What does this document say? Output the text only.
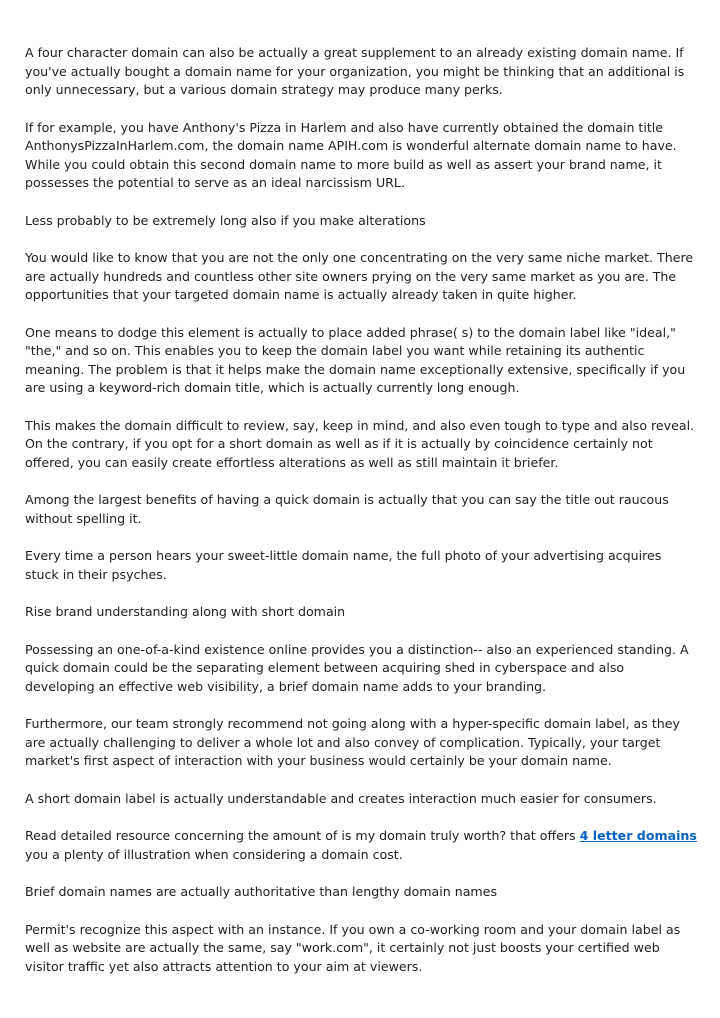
A four character domain can also be actually a great supplement to an already existing domain name. If you've actually bought a domain name for your organization, you might be thinking that an additional is only unnecessary, but a various domain strategy may produce many perks.

If for example, you have Anthony's Pizza in Harlem and also have currently obtained the domain title AnthonysPizzaInHarlem.com, the domain name APIH.com is wonderful alternate domain name to have. While you could obtain this second domain name to more build as well as assert your brand name, it possesses the potential to serve as an ideal narcissism URL.

Less probably to be extremely long also if you make alterations

You would like to know that you are not the only one concentrating on the very same niche market. There are actually hundreds and countless other site owners prying on the very same market as you are. The opportunities that your targeted domain name is actually already taken in quite higher.

One means to dodge this element is actually to place added phrase( s) to the domain label like "ideal," "the," and so on. This enables you to keep the domain label you want while retaining its authentic meaning. The problem is that it helps make the domain name exceptionally extensive, specifically if you are using a keyword-rich domain title, which is actually currently long enough.

This makes the domain difficult to review, say, keep in mind, and also even tough to type and also reveal. On the contrary, if you opt for a short domain as well as if it is actually by coincidence certainly not offered, you can easily create effortless alterations as well as still maintain it briefer.

Among the largest benefits of having a quick domain is actually that you can say the title out raucous without spelling it.

Every time a person hears your sweet-little domain name, the full photo of your advertising acquires stuck in their psyches.

Rise brand understanding along with short domain

Possessing an one-of-a-kind existence online provides you a distinction-- also an experienced standing. A quick domain could be the separating element between acquiring shed in cyberspace and also developing an effective web visibility, a brief domain name adds to your branding.

Furthermore, our team strongly recommend not going along with a hyper-specific domain label, as they are actually challenging to deliver a whole lot and also convey of complication. Typically, your target market's first aspect of interaction with your business would certainly be your domain name.

A short domain label is actually understandable and creates interaction much easier for consumers.

Read detailed resource concerning the amount of is my domain truly worth? that offers 4 letter domains you a plenty of illustration when considering a domain cost.

Brief domain names are actually authoritative than lengthy domain names

Permit's recognize this aspect with an instance. If you own a co-working room and your domain label as well as website are actually the same, say "work.com", it certainly not just boosts your certified web visitor traffic yet also attracts attention to your aim at viewers.
